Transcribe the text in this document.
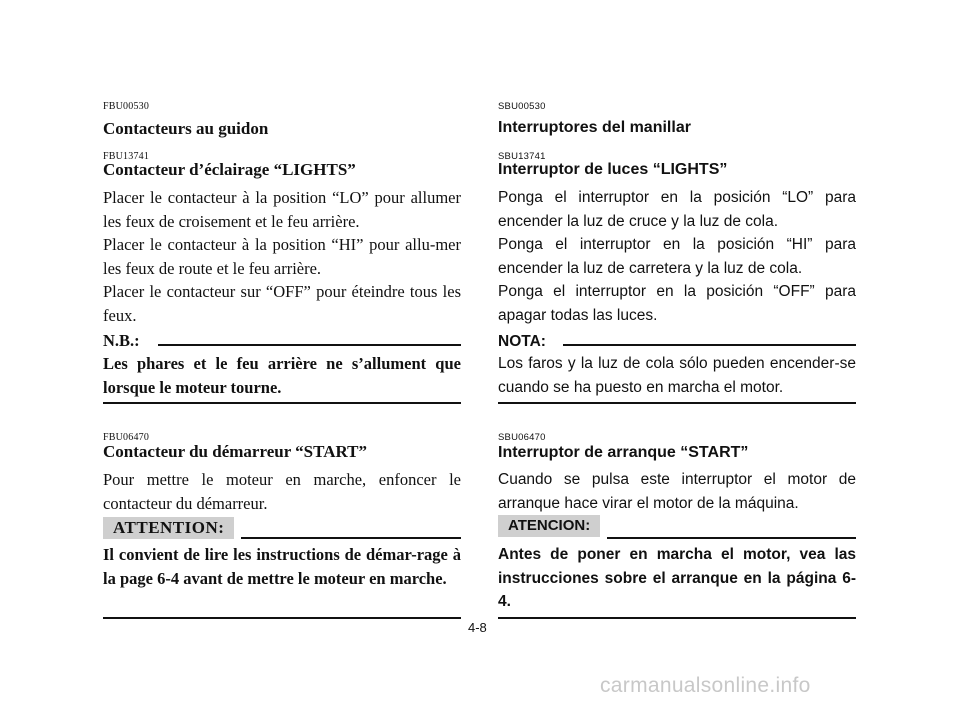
FBU00530
Contacteurs au guidon
FBU13741
Contacteur d’éclairage “LIGHTS”
Placer le contacteur à la position “LO” pour allumer les feux de croisement et le feu arrière.
Placer le contacteur à la position “HI” pour allu-mer les feux de route et le feu arrière.
Placer le contacteur sur “OFF” pour éteindre tous les feux.
N.B.:
Les phares et le feu arrière ne s’allument que lorsque le moteur tourne.
FBU06470
Contacteur du démarreur “START”
Pour mettre le moteur en marche, enfoncer le contacteur du démarreur.
ATTENTION:
Il convient de lire les instructions de démar-rage à la page 6-4 avant de mettre le moteur en marche.
SBU00530
Interruptores del manillar
SBU13741
Interruptor de luces “LIGHTS”
Ponga el interruptor en la posición “LO” para encender la luz de cruce y la luz de cola.
Ponga el interruptor en la posición “HI” para encender la luz de carretera y la luz de cola.
Ponga el interruptor en la posición “OFF” para apagar todas las luces.
NOTA:
Los faros y la luz de cola sólo pueden encender-se cuando se ha puesto en marcha el motor.
SBU06470
Interruptor de arranque “START”
Cuando se pulsa este interruptor el motor de arranque hace virar el motor de la máquina.
ATENCION:
Antes de poner en marcha el motor, vea las instrucciones sobre el arranque en la página 6-4.
4-8
carmanualsonline.info
